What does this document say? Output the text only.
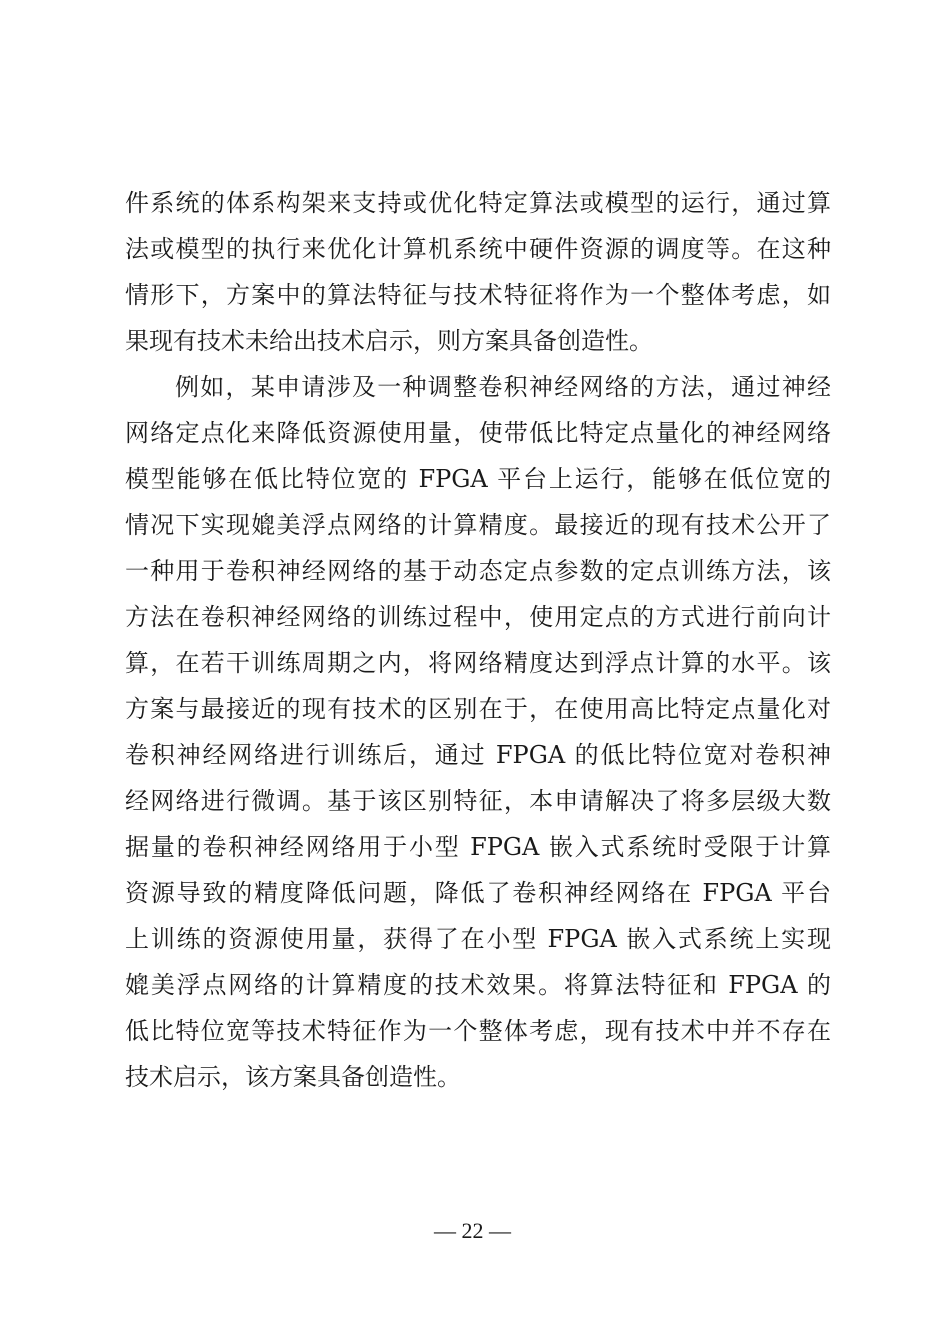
件系统的体系构架来支持或优化特定算法或模型的运行，通过算
法或模型的执行来优化计算机系统中硬件资源的调度等。在这种
情形下，方案中的算法特征与技术特征将作为一个整体考虑，如
果现有技术未给出技术启示，则方案具备创造性。
例如，某申请涉及一种调整卷积神经网络的方法，通过神经
网络定点化来降低资源使用量，使带低比特定点量化的神经网络
模型能够在低比特位宽的 FPGA 平台上运行，能够在低位宽的
情况下实现媲美浮点网络的计算精度。最接近的现有技术公开了
一种用于卷积神经网络的基于动态定点参数的定点训练方法，该
方法在卷积神经网络的训练过程中，使用定点的方式进行前向计
算，在若干训练周期之内，将网络精度达到浮点计算的水平。该
方案与最接近的现有技术的区别在于，在使用高比特定点量化对
卷积神经网络进行训练后，通过 FPGA 的低比特位宽对卷积神
经网络进行微调。基于该区别特征，本申请解决了将多层级大数
据量的卷积神经网络用于小型 FPGA 嵌入式系统时受限于计算
资源导致的精度降低问题，降低了卷积神经网络在 FPGA 平台
上训练的资源使用量，获得了在小型 FPGA 嵌入式系统上实现
媲美浮点网络的计算精度的技术效果。将算法特征和 FPGA 的
低比特位宽等技术特征作为一个整体考虑，现有技术中并不存在
技术启示，该方案具备创造性。
— 22 —
